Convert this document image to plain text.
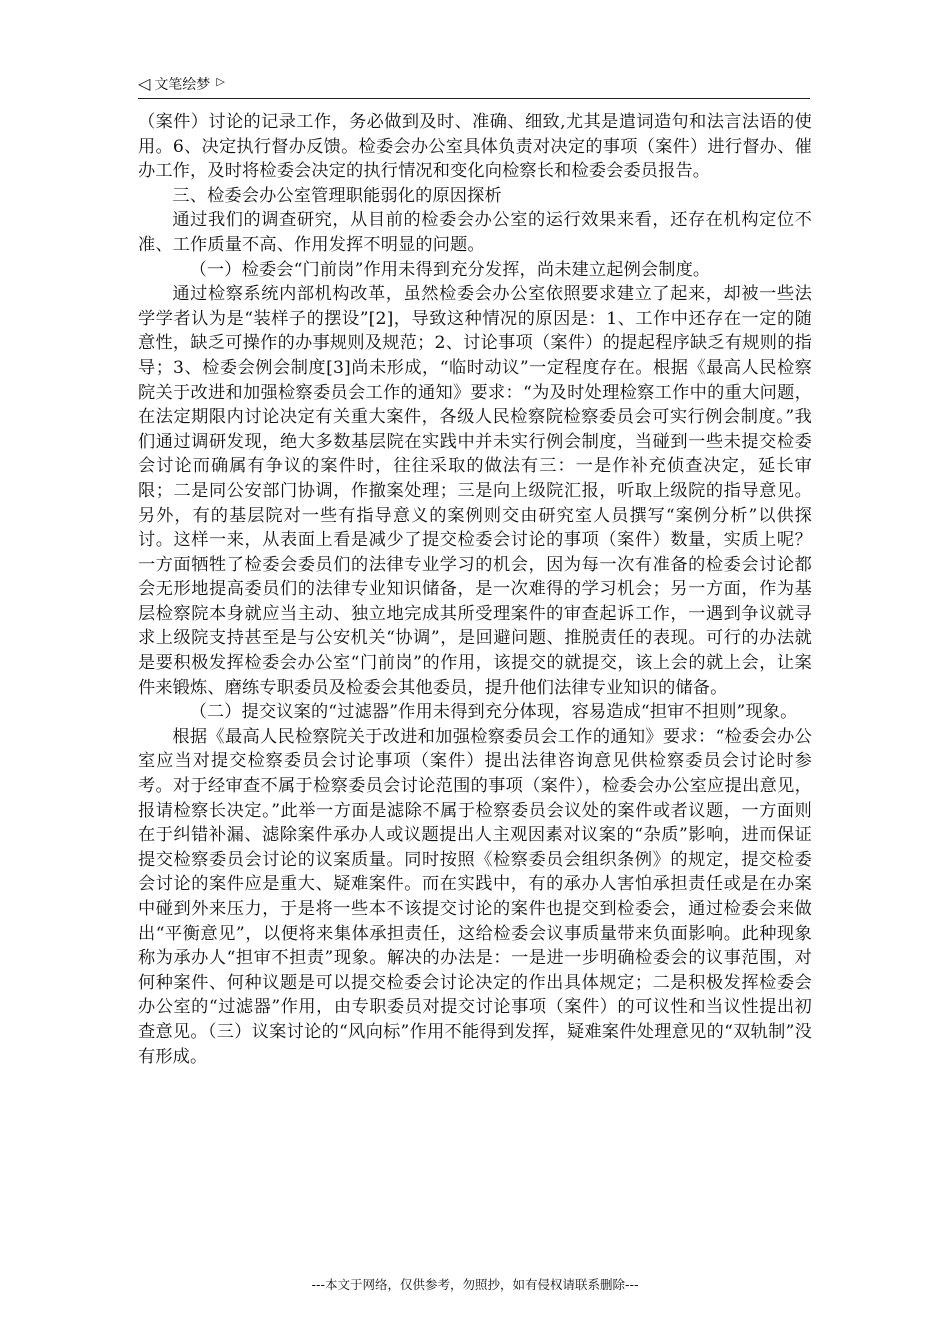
◁ 文笔绘梦 ▷

（案件）讨论的记录工作，务必做到及时、准确、细致,尤其是遣词造句和法言法语的使用。6、决定执行督办反馈。检委会办公室具体负责对决定的事项（案件）进行督办、催办工作，及时将检委会决定的执行情况和变化向检察长和检委会委员报告。

三、检委会办公室管理职能弱化的原因探析

通过我们的调查研究，从目前的检委会办公室的运行效果来看，还存在机构定位不准、工作质量不高、作用发挥不明显的问题。

（一）检委会“门前岗”作用未得到充分发挥，尚未建立起例会制度。

通过检察系统内部机构改革，虽然检委会办公室依照要求建立了起来，却被一些法学学者认为是“装样子的摆设”[2]，导致这种情况的原因是：1、工作中还存在一定的随意性，缺乏可操作的办事规则及规范；2、讨论事项（案件）的提起程序缺乏有规则的指导；3、检委会例会制度[3]尚未形成，“临时动议”一定程度存在。根据《最高人民检察院关于改进和加强检察委员会工作的通知》要求：“为及时处理检察工作中的重大问题，在法定期限内讨论决定有关重大案件，各级人民检察院检察委员会可实行例会制度。”我们通过调研发现，绝大多数基层院在实践中并未实行例会制度，当碰到一些未提交检委会讨论而确属有争议的案件时，往往采取的做法有三：一是作补充侦查决定，延长审限；二是同公安部门协调，作撤案处理；三是向上级院汇报，听取上级院的指导意见。另外，有的基层院对一些有指导意义的案例则交由研究室人员撰写“案例分析”以供探讨。这样一来，从表面上看是减少了提交检委会讨论的事项（案件）数量，实质上呢？一方面牺牲了检委会委员们的法律专业学习的机会，因为每一次有准备的检委会讨论都会无形地提高委员们的法律专业知识储备，是一次难得的学习机会；另一方面，作为基层检察院本身就应当主动、独立地完成其所受理案件的审查起诉工作，一遇到争议就寻求上级院支持甚至是与公安机关“协调”，是回避问题、推脱责任的表现。可行的办法就是要积极发挥检委会办公室“门前岗”的作用，该提交的就提交，该上会的就上会，让案件来锻炼、磨练专职委员及检委会其他委员，提升他们法律专业知识的储备。

（二）提交议案的“过滤器”作用未得到充分体现，容易造成“担审不担则”现象。

根据《最高人民检察院关于改进和加强检察委员会工作的通知》要求：“检委会办公室应当对提交检察委员会讨论事项（案件）提出法律咨询意见供检察委员会讨论时参考。对于经审查不属于检察委员会讨论范围的事项（案件），检委会办公室应提出意见，报请检察长决定。”此举一方面是滤除不属于检察委员会议处的案件或者议题，一方面则在于纠错补漏、滤除案件承办人或议题提出人主观因素对议案的“杂质”影响，进而保证提交检察委员会讨论的议案质量。同时按照《检察委员会组织条例》的规定，提交检委会讨论的案件应是重大、疑难案件。而在实践中，有的承办人害怕承担责任或是在办案中碰到外来压力，于是将一些本不该提交讨论的案件也提交到检委会，通过检委会来做出“平衡意见”，以便将来集体承担责任，这给检委会议事质量带来负面影响。此种现象称为承办人“担审不担责”现象。解决的办法是：一是进一步明确检委会的议事范围，对何种案件、何种议题是可以提交检委会讨论决定的作出具体规定；二是积极发挥检委会办公室的“过滤器”作用，由专职委员对提交讨论事项（案件）的可议性和当议性提出初查意见。（三）议案讨论的“风向标”作用不能得到发挥，疑难案件处理意见的“双轨制”没有形成。

---本文于网络，仅供参考，勿照抄，如有侵权请联系删除---
